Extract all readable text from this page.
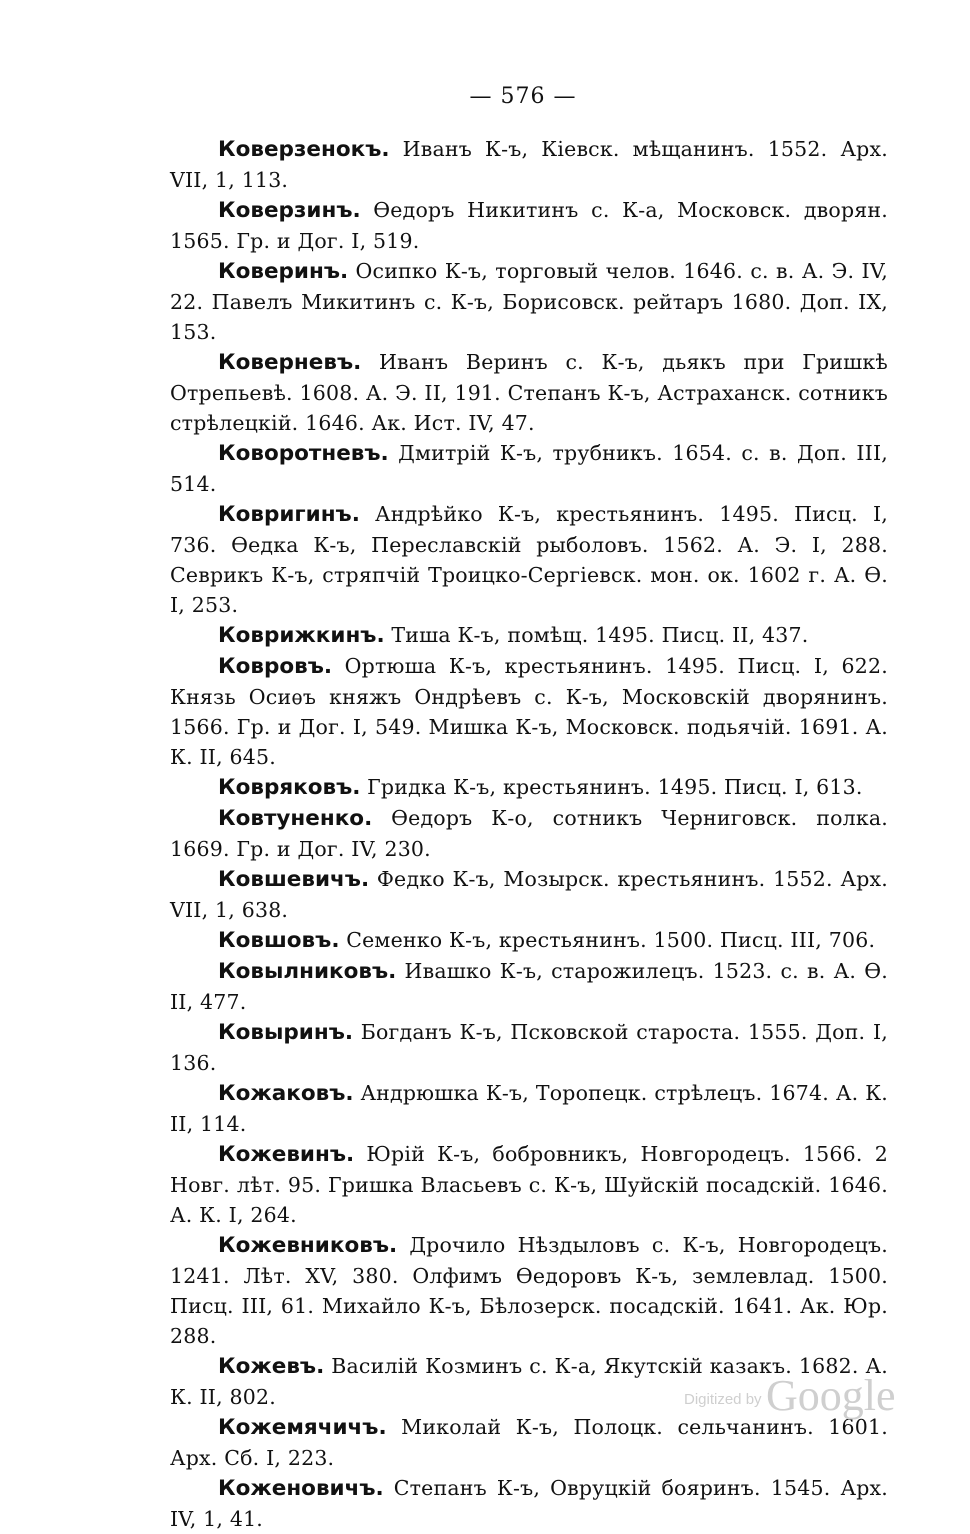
— 576 —
Коверзенокъ. Иванъ К-ъ, Кіевск. мѣщанинъ. 1552. Арх. VII, 1, 113.
Коверзинъ. Ѳедоръ Никитинъ с. К-а, Московск. дворян. 1565. Гр. и Дог. I, 519.
Коверинъ. Осипко К-ъ, торговый челов. 1646. с. в. А. Э. IV, 22. Павелъ Микитинъ с. К-ъ, Борисовск. рейтаръ 1680. Доп. IX, 153.
Коверневъ. Иванъ Веринъ с. К-ъ, дьякъ при Гришкѣ Отрепьевѣ. 1608. А. Э. II, 191. Степанъ К-ъ, Астраханск. сотникъ стрѣлецкій. 1646. Ак. Ист. IV, 47.
Коворотневъ. Дмитрій К-ъ, трубникъ. 1654. с. в. Доп. III, 514.
Ковригинъ. Андрѣйко К-ъ, крестьянинъ. 1495. Писц. I, 736. Ѳедка К-ъ, Переславскій рыболовъ. 1562. А. Э. I, 288. Севрикъ К-ъ, стряпчій Троицко-Сергіевск. мон. ок. 1602 г. А. Ѳ. I, 253.
Коврижкинъ. Тиша К-ъ, помѣщ. 1495. Писц. II, 437.
Ковровъ. Ортюша К-ъ, крестьянинъ. 1495. Писц. I, 622. Князь Осиѳъ княжъ Ондрѣевъ с. К-ъ, Московскій дворянинъ. 1566. Гр. и Дог. I, 549. Мишка К-ъ, Московск. подьячій. 1691. А. К. II, 645.
Ковряковъ. Гридка К-ъ, крестьянинъ. 1495. Писц. I, 613.
Ковтуненко. Ѳедоръ К-о, сотникъ Черниговск. полка. 1669. Гр. и Дог. IV, 230.
Ковшевичъ. Федко К-ъ, Мозырск. крестьянинъ. 1552. Арх. VII, 1, 638.
Ковшовъ. Семенко К-ъ, крестьянинъ. 1500. Писц. III, 706.
Ковылниковъ. Ивашко К-ъ, старожилецъ. 1523. с. в. А. Ѳ. II, 477.
Ковыринъ. Богданъ К-ъ, Псковской староста. 1555. Доп. I, 136.
Кожаковъ. Андрюшка К-ъ, Торопецк. стрѣлецъ. 1674. А. К. II, 114.
Кожевинъ. Юрій К-ъ, бобровникъ, Новгородецъ. 1566. 2 Новг. лѣт. 95. Гришка Власьевъ с. К-ъ, Шуйскій посадскій. 1646. А. К. I, 264.
Кожевниковъ. Дрочило Нѣздыловъ с. К-ъ, Новгородецъ. 1241. Лѣт. XV, 380. Олфимъ Ѳедоровъ К-ъ, землевлад. 1500. Писц. III, 61. Михайло К-ъ, Бѣлозерск. посадскій. 1641. Ак. Юр. 288.
Кожевъ. Василій Козминъ с. К-а, Якутскій казакъ. 1682. А. К. II, 802.
Кожемячичъ. Миколай К-ъ, Полоцк. сельчанинъ. 1601. Арх. Сб. I, 223.
Коженовичъ. Степанъ К-ъ, Овруцкій бояринъ. 1545. Арх. IV, 1, 41.
Digitized by Google
